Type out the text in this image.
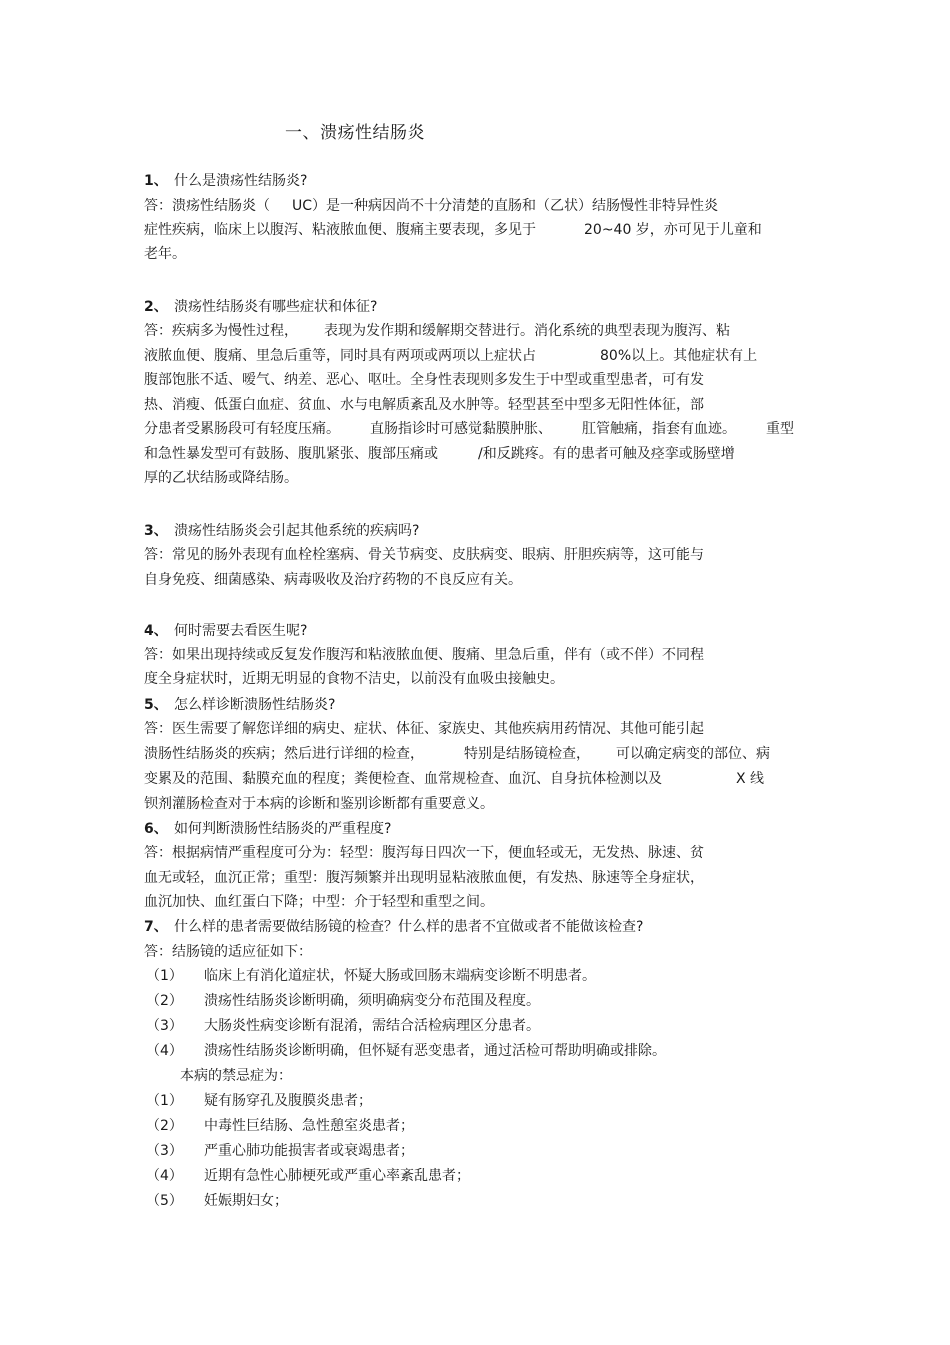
一、溃疡性结肠炎
1、 什么是溃疡性结肠炎?
答：溃疡性结肠炎（ UC）是一种病因尚不十分清楚的直肠和（乙状）结肠慢性非特异性炎
症性疾病，临床上以腹泻、粘液脓血便、腹痛主要表现，多见于	20~40 岁，亦可见于儿童和
老年。
2、 溃疡性结肠炎有哪些症状和体征?
答：疾病多为慢性过程， 表现为发作期和缓解期交替进行。消化系统的典型表现为腹泻、粘
液脓血便、腹痛、里急后重等，同时具有两项或两项以上症状占	80%以上。其他症状有上
腹部饱胀不适、嗳气、纳差、恶心、呕吐。全身性表现则多发生于中型或重型患者，可有发
热、消瘦、低蛋白血症、贫血、水与电解质紊乱及水肿等。轻型甚至中型多无阳性体征，部
分患者受累肠段可有轻度压痛。 直肠指诊时可感觉黏膜肿胀、 肛管触痛，指套有血迹。 重型
和急性暴发型可有鼓肠、腹肌紧张、腹部压痛或	/和反跳疼。有的患者可触及痉挛或肠壁增
厚的乙状结肠或降结肠。
3、 溃疡性结肠炎会引起其他系统的疾病吗?
答：常见的肠外表现有血栓栓塞病、骨关节病变、皮肤病变、眼病、肝胆疾病等，这可能与
自身免疫、细菌感染、病毒吸收及治疗药物的不良反应有关。
4、 何时需要去看医生呢?
答：如果出现持续或反复发作腹泻和粘液脓血便、腹痛、里急后重，伴有（或不伴）不同程
度全身症状时，近期无明显的食物不洁史，以前没有血吸虫接触史。
5、 怎么样诊断溃肠性结肠炎?
答：医生需要了解您详细的病史、症状、体征、家族史、其他疾病用药情况、其他可能引起
溃肠性结肠炎的疾病；然后进行详细的检查，	特别是结肠镜检查， 可以确定病变的部位、病
变累及的范围、黏膜充血的程度；粪便检查、血常规检查、血沉、自身抗体检测以及	X 线
钡剂灌肠检查对于本病的诊断和鉴别诊断都有重要意义。
6、 如何判断溃肠性结肠炎的严重程度?
答：根据病情严重程度可分为：轻型：腹泻每日四次一下，便血轻或无，无发热、脉速、贫
血无或轻，血沉正常；重型：腹泻频繁并出现明显粘液脓血便，有发热、脉速等全身症状，
血沉加快、血红蛋白下降；中型：介于轻型和重型之间。
7、 什么样的患者需要做结肠镜的检查？什么样的患者不宜做或者不能做该检查?
答：结肠镜的适应征如下：
（1） 临床上有消化道症状，怀疑大肠或回肠末端病变诊断不明患者。
（2） 溃疡性结肠炎诊断明确，须明确病变分布范围及程度。
（3） 大肠炎性病变诊断有混淆，需结合活检病理区分患者。
（4） 溃疡性结肠炎诊断明确，但怀疑有恶变患者，通过活检可帮助明确或排除。
本病的禁忌症为：
（1） 疑有肠穿孔及腹膜炎患者；
（2） 中毒性巨结肠、急性憩室炎患者；
（3） 严重心肺功能损害者或衰竭患者；
（4） 近期有急性心肺梗死或严重心率紊乱患者；
（5） 妊娠期妇女；
